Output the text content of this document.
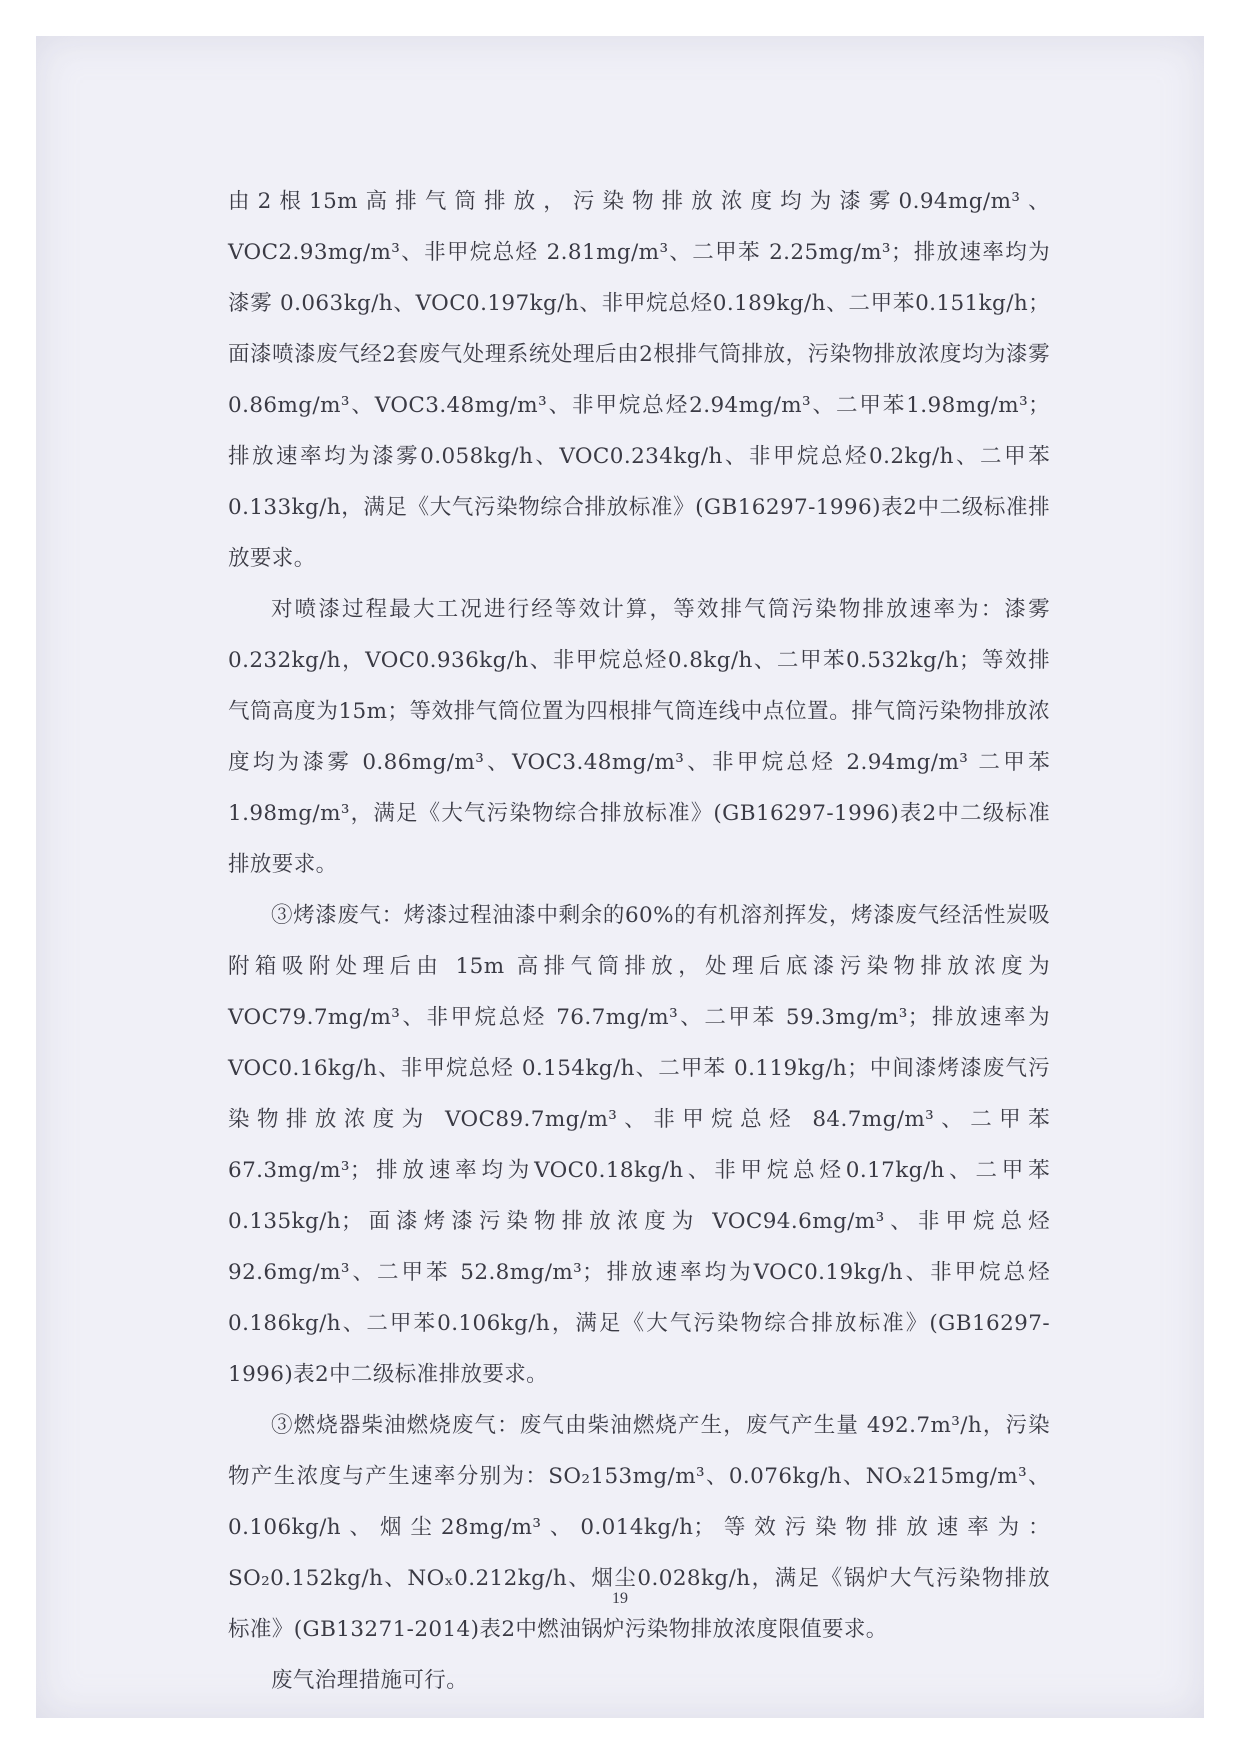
由2根15m高排气筒排放，污染物排放浓度均为漆雾0.94mg/m³、VOC2.93mg/m³、非甲烷总烃 2.81mg/m³、二甲苯 2.25mg/m³；排放速率均为漆雾 0.063kg/h、VOC0.197kg/h、非甲烷总烃0.189kg/h、二甲苯0.151kg/h；面漆喷漆废气经2套废气处理系统处理后由2根排气筒排放，污染物排放浓度均为漆雾0.86mg/m³、VOC3.48mg/m³、非甲烷总烃2.94mg/m³、二甲苯1.98mg/m³；排放速率均为漆雾0.058kg/h、VOC0.234kg/h、非甲烷总烃0.2kg/h、二甲苯0.133kg/h，满足《大气污染物综合排放标准》(GB16297-1996)表2中二级标准排放要求。

对喷漆过程最大工况进行经等效计算，等效排气筒污染物排放速率为：漆雾0.232kg/h，VOC0.936kg/h、非甲烷总烃0.8kg/h、二甲苯0.532kg/h；等效排气筒高度为15m；等效排气筒位置为四根排气筒连线中点位置。排气筒污染物排放浓度均为漆雾 0.86mg/m³、VOC3.48mg/m³、非甲烷总烃 2.94mg/m³ 二甲苯1.98mg/m³，满足《大气污染物综合排放标准》(GB16297-1996)表2中二级标准排放要求。

③烤漆废气：烤漆过程油漆中剩余的60%的有机溶剂挥发，烤漆废气经活性炭吸附箱吸附处理后由 15m 高排气筒排放，处理后底漆污染物排放浓度为VOC79.7mg/m³、非甲烷总烃 76.7mg/m³、二甲苯 59.3mg/m³；排放速率为VOC0.16kg/h、非甲烷总烃 0.154kg/h、二甲苯 0.119kg/h；中间漆烤漆废气污染物排放浓度为 VOC89.7mg/m³、非甲烷总烃 84.7mg/m³、二甲苯 67.3mg/m³；排放速率均为VOC0.18kg/h、非甲烷总烃0.17kg/h、二甲苯0.135kg/h；面漆烤漆污染物排放浓度为 VOC94.6mg/m³、非甲烷总烃 92.6mg/m³、二甲苯 52.8mg/m³；排放速率均为VOC0.19kg/h、非甲烷总烃0.186kg/h、二甲苯0.106kg/h，满足《大气污染物综合排放标准》(GB16297-1996)表2中二级标准排放要求。

③燃烧器柴油燃烧废气：废气由柴油燃烧产生，废气产生量 492.7m³/h，污染物产生浓度与产生速率分别为：SO₂153mg/m³、0.076kg/h、NOₓ215mg/m³、0.106kg/h、烟尘28mg/m³、0.014kg/h；等效污染物排放速率为：SO₂0.152kg/h、NOₓ0.212kg/h、烟尘0.028kg/h，满足《锅炉大气污染物排放标准》(GB13271-2014)表2中燃油锅炉污染物排放浓度限值要求。

废气治理措施可行。

19
